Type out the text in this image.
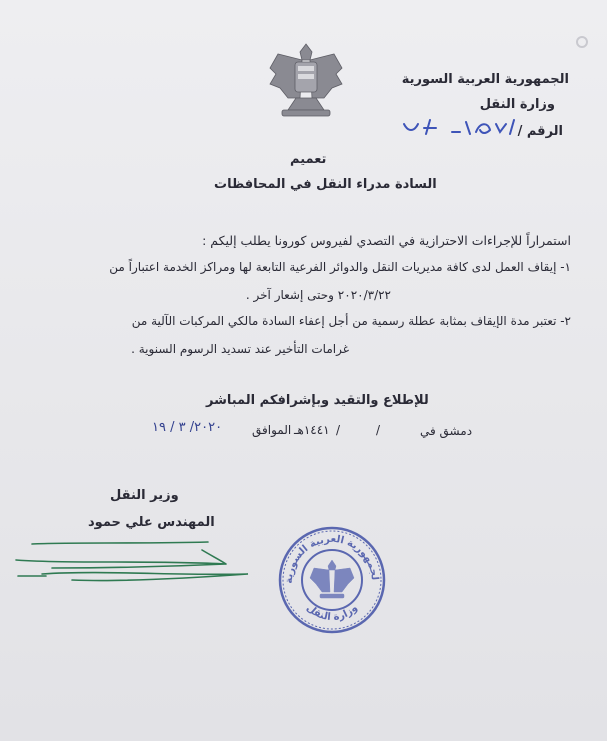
الجمهورية العربية السورية
وزارة النقل
الرقم /
تعميم
السادة مدراء النقل في المحافظات
استمراراً للإجراءات الاحترازية في التصدي لفيروس كورونا يطلب إليكم :
١- إيقاف العمل لدى كافة مديريات النقل والدوائر الفرعية التابعة لها ومراكز الخدمة اعتباراً من
٢٠٢٠/٣/٢٢ وحتى إشعار آخر .
٢- تعتبر مدة الإيقاف بمثابة عطلة رسمية من أجل إعفاء السادة مالكي المركبات الآلية من
غرامات التأخير عند تسديد الرسوم السنوية .
للإطلاع والتقيد وبإشرافكم المباشر
دمشق في
/
/
١٤٤١هـ
الموافق
٢٠٢٠/ ٣ / ١٩
وزير النقل
المهندس علي حمود
لجمهورية العربية السورية
وزارة النقل
